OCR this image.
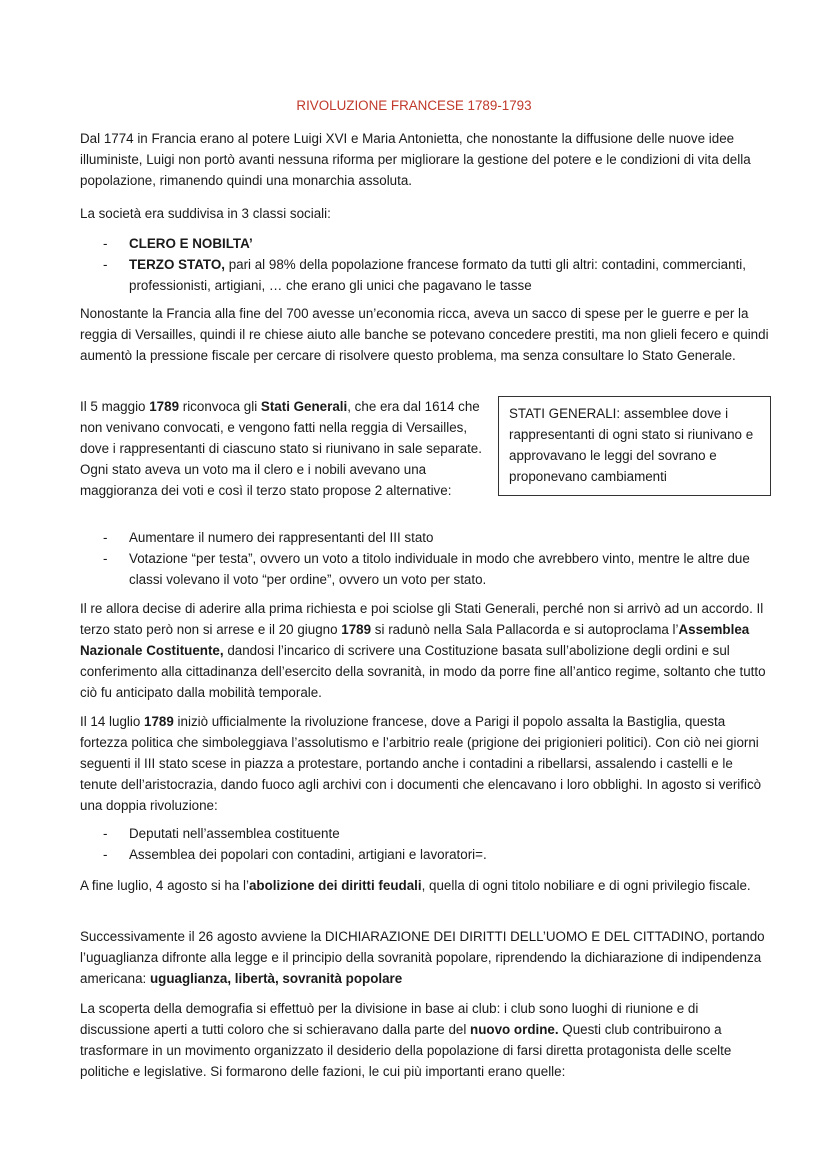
RIVOLUZIONE FRANCESE 1789-1793

Dal 1774 in Francia erano al potere Luigi XVI e Maria Antonietta, che nonostante la diffusione delle nuove idee illuministe, Luigi non portò avanti nessuna riforma per migliorare la gestione del potere e le condizioni di vita della popolazione, rimanendo quindi una monarchia assoluta.

La società era suddivisa in 3 classi sociali:

- CLERO E NOBILTA’
- TERZO STATO, pari al 98% della popolazione francese formato da tutti gli altri: contadini, commercianti, professionisti, artigiani, … che erano gli unici che pagavano le tasse

Nonostante la Francia alla fine del 700 avesse un’economia ricca, aveva un sacco di spese per le guerre e per la reggia di Versailles, quindi il re chiese aiuto alle banche se potevano concedere prestiti, ma non glieli fecero e quindi aumentò la pressione fiscale per cercare di risolvere questo problema, ma senza consultare lo Stato Generale.

Il 5 maggio 1789 riconvoca gli Stati Generali, che era dal 1614 che non venivano convocati, e vengono fatti nella reggia di Versailles, dove i rappresentanti di ciascuno stato si riunivano in sale separate. Ogni stato aveva un voto ma il clero e i nobili avevano una maggioranza dei voti e così il terzo stato propose 2 alternative:

STATI GENERALI: assemblee dove i rappresentanti di ogni stato si riunivano e approvavano le leggi del sovrano e proponevano cambiamenti
- Aumentare il numero dei rappresentanti del III stato
- Votazione “per testa”, ovvero un voto a titolo individuale in modo che avrebbero vinto, mentre le altre due classi volevano il voto “per ordine”, ovvero un voto per stato.

Il re allora decise di aderire alla prima richiesta e poi sciolse gli Stati Generali, perché non si arrivò ad un accordo. Il terzo stato però non si arrese e il 20 giugno 1789 si radunò nella Sala Pallacorda e si autoproclama l’Assemblea Nazionale Costituente, dandosi l’incarico di scrivere una Costituzione basata sull’abolizione degli ordini e sul conferimento alla cittadinanza dell’esercito della sovranità, in modo da porre fine all’antico regime, soltanto che tutto ciò fu anticipato dalla mobilità temporale.

Il 14 luglio 1789 iniziò ufficialmente la rivoluzione francese, dove a Parigi il popolo assalta la Bastiglia, questa fortezza politica che simboleggiava l’assolutismo e l’arbitrio reale (prigione dei prigionieri politici). Con ciò nei giorni seguenti il III stato scese in piazza a protestare, portando anche i contadini a ribellarsi, assalendo i castelli e le tenute dell’aristocrazia, dando fuoco agli archivi con i documenti che elencavano i loro obblighi. In agosto si verificò una doppia rivoluzione:

- Deputati nell’assemblea costituente
- Assemblea dei popolari con contadini, artigiani e lavoratori=.

A fine luglio, 4 agosto si ha l’abolizione dei diritti feudali, quella di ogni titolo nobiliare e di ogni privilegio fiscale.

Successivamente il 26 agosto avviene la DICHIARAZIONE DEI DIRITTI DELL’UOMO E DEL CITTADINO, portando l’uguaglianza difronte alla legge e il principio della sovranità popolare, riprendendo la dichiarazione di indipendenza americana: uguaglianza, libertà, sovranità popolare

La scoperta della demografia si effettuò per la divisione in base ai club: i club sono luoghi di riunione e di discussione aperti a tutti coloro che si schieravano dalla parte del nuovo ordine. Questi club contribuirono a trasformare in un movimento organizzato il desiderio della popolazione di farsi diretta protagonista delle scelte politiche e legislative. Si formarono delle fazioni, le cui più importanti erano quelle:
